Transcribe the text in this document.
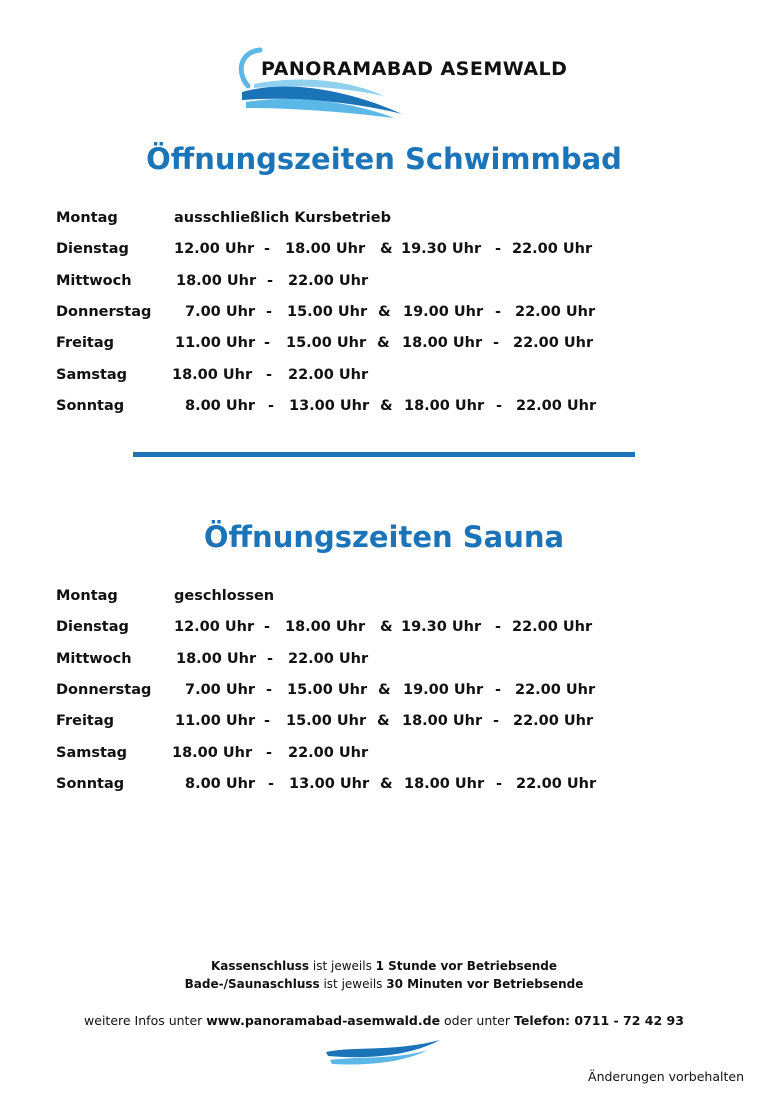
PANORAMABAD ASEMWALD
Öffnungszeiten Schwimmbad
Montag	ausschließlich Kursbetrieb
Dienstag	12.00 Uhr - 18.00 Uhr & 19.30 Uhr - 22.00 Uhr
Mittwoch	18.00 Uhr - 22.00 Uhr
Donnerstag 7.00 Uhr - 15.00 Uhr & 19.00 Uhr - 22.00 Uhr
Freitag	11.00 Uhr - 15.00 Uhr & 18.00 Uhr - 22.00 Uhr
Samstag	18.00 Uhr - 22.00 Uhr
Sonntag	8.00 Uhr - 13.00 Uhr & 18.00 Uhr - 22.00 Uhr
Öffnungszeiten Sauna
Montag	geschlossen
Dienstag	12.00 Uhr - 18.00 Uhr & 19.30 Uhr - 22.00 Uhr
Mittwoch	18.00 Uhr - 22.00 Uhr
Donnerstag 7.00 Uhr - 15.00 Uhr & 19.00 Uhr - 22.00 Uhr
Freitag	11.00 Uhr - 15.00 Uhr & 18.00 Uhr - 22.00 Uhr
Samstag	18.00 Uhr - 22.00 Uhr
Sonntag	8.00 Uhr - 13.00 Uhr & 18.00 Uhr - 22.00 Uhr
Kassenschluss ist jeweils 1 Stunde vor Betriebsende
Bade-/Saunaschluss ist jeweils 30 Minuten vor Betriebsende
weitere Infos unter www.panoramabad-asemwald.de oder unter Telefon: 0711 - 72 42 93
Änderungen vorbehalten
